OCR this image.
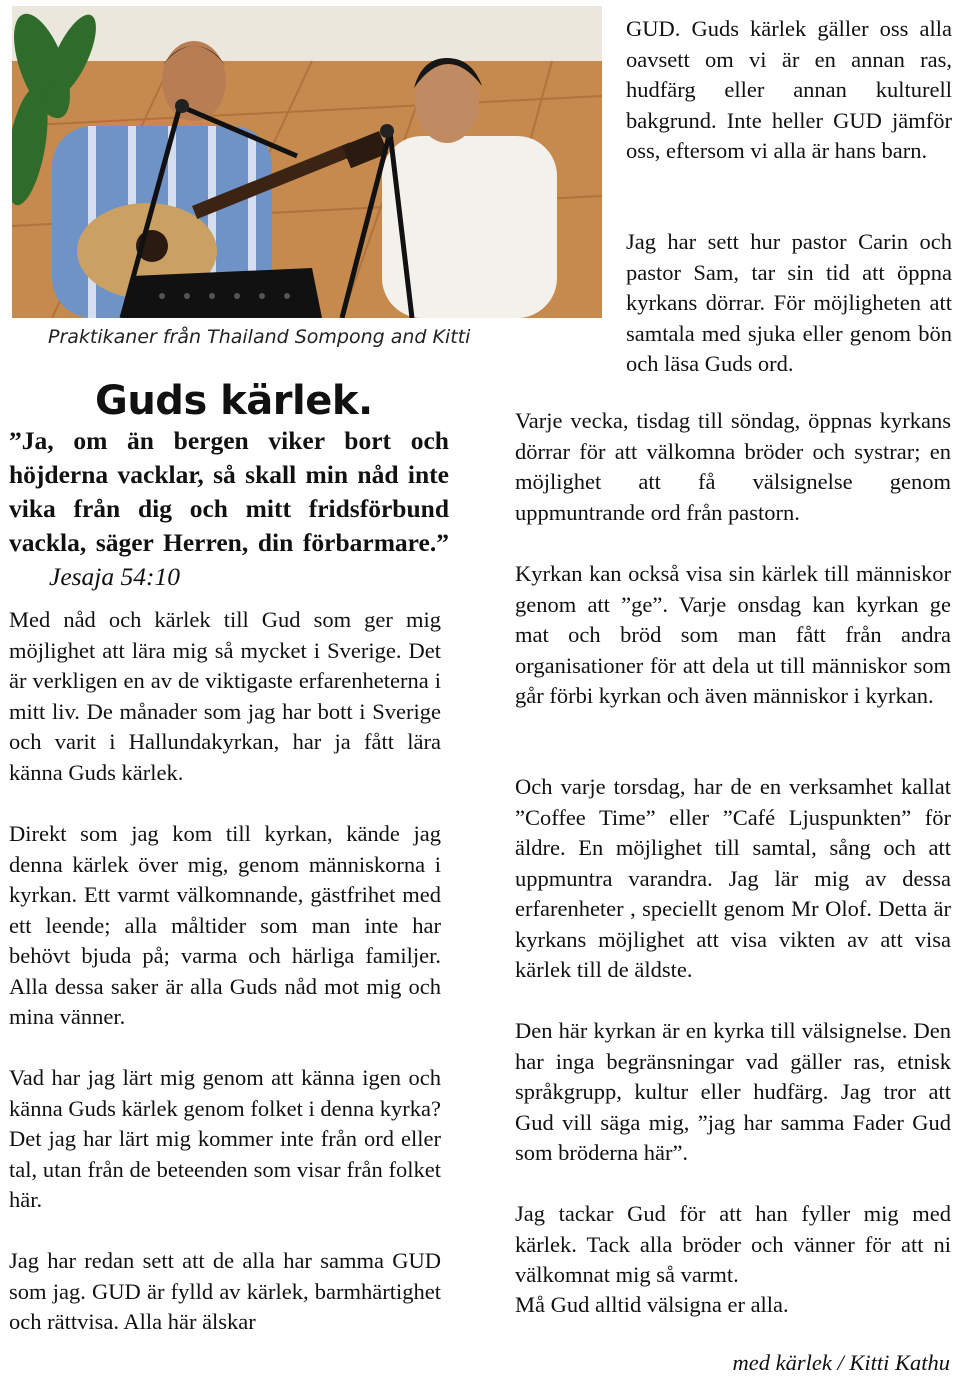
Praktikaner från Thailand Sompong and Kitti
Guds kärlek.
”Ja, om än bergen viker bort och höjderna vacklar, så skall min nåd inte vika från dig och mitt fridsförbund vackla, säger Herren, din förbarmare.” Jesaja 54:10

Med nåd och kärlek till Gud som ger mig möjlighet att lära mig så mycket i Sverige. Det är verkligen en av de viktigaste erfarenheterna i mitt liv. De månader som jag har bott i Sverige och varit i Hallundakyrkan, har ja fått lära känna Guds kärlek.

Direkt som jag kom till kyrkan, kände jag denna kärlek över mig, genom människorna i kyrkan. Ett varmt välkomnande, gästfrihet med ett leende; alla måltider som man inte har behövt bjuda på; varma och härliga familjer. Alla dessa saker är alla Guds nåd mot mig och mina vänner.

Vad har jag lärt mig genom att känna igen och känna Guds kärlek genom folket i denna kyrka? Det jag har lärt mig kommer inte från ord eller tal, utan från de beteenden som visar från folket här.

Jag har redan sett att de alla har samma GUD som jag. GUD är fylld av kärlek, barmhärtighet och rättvisa. Alla här älskar

GUD. Guds kärlek gäller oss alla oavsett om vi är en annan ras, hudfärg eller annan kulturell bakgrund. Inte heller GUD jämför oss, eftersom vi alla är hans barn.

Jag har sett hur pastor Carin och pastor Sam, tar sin tid att öppna kyrkans dörrar. För möjligheten att samtala med sjuka eller genom bön och läsa Guds ord.

Varje vecka, tisdag till söndag, öppnas kyrkans dörrar för att välkomna bröder och systrar; en möjlighet att få välsignelse genom uppmuntrande ord från pastorn.

Kyrkan kan också visa sin kärlek till människor genom att ”ge”. Varje onsdag kan kyrkan ge mat och bröd som man fått från andra organisationer för att dela ut till människor som går förbi kyrkan och även människor i kyrkan.

Och varje torsdag, har de en verksamhet kallat ”Coffee Time” eller ”Café Ljuspunkten” för äldre. En möjlighet till samtal, sång och att uppmuntra varandra. Jag lär mig av dessa erfarenheter , speciellt genom Mr Olof. Detta är kyrkans möjlighet att visa vikten av att visa kärlek till de äldste.

Den här kyrkan är en kyrka till välsignelse. Den har inga begränsningar vad gäller ras, etnisk språkgrupp, kultur eller hudfärg. Jag tror att Gud vill säga mig, ”jag har samma Fader Gud som bröderna här”.

Jag tackar Gud för att han fyller mig med kärlek. Tack alla bröder och vänner för att ni välkomnat mig så varmt.

Må Gud alltid välsigna er alla.

med kärlek / Kitti Kathu
